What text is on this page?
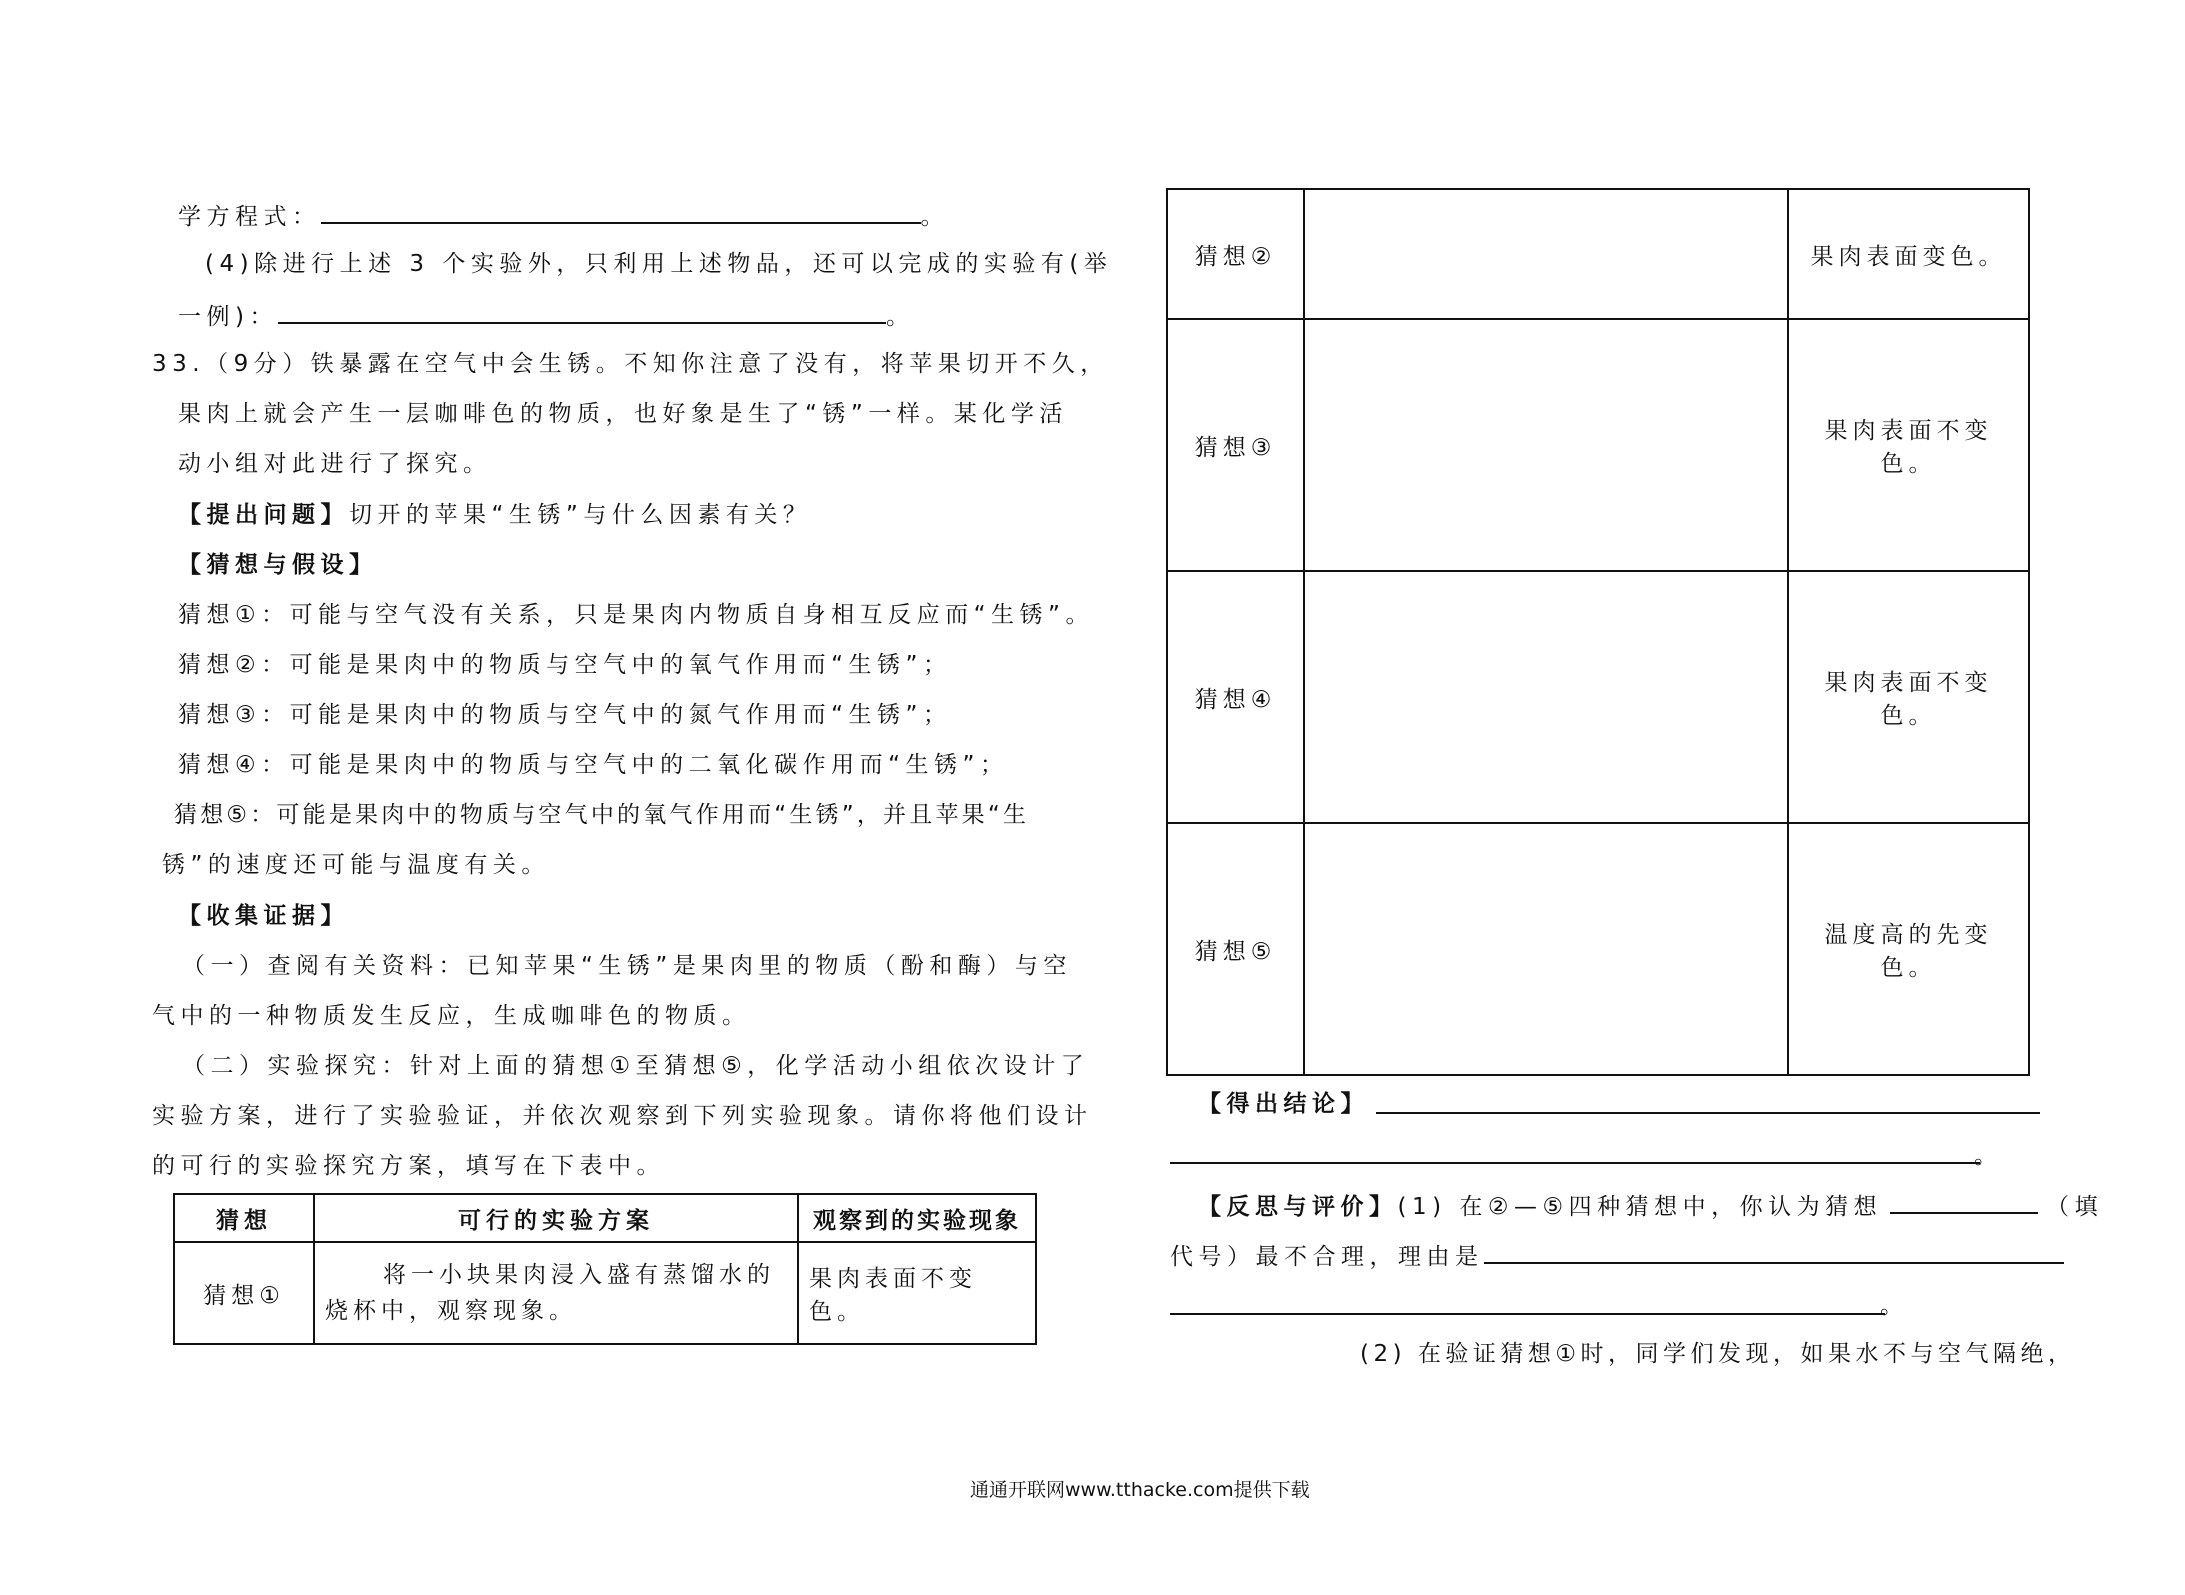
学方程式：	。
(4)除进行上述 3 个实验外，只利用上述物品，还可以完成的实验有(举
一例)：	。
33.（9分）铁暴露在空气中会生锈。不知你注意了没有，将苹果切开不久，
果肉上就会产生一层咖啡色的物质，也好象是生了“锈”一样。某化学活
动小组对此进行了探究。
【提出问题】切开的苹果“生锈”与什么因素有关？
【猜想与假设】
猜想①：可能与空气没有关系，只是果肉内物质自身相互反应而“生锈”。
猜想②：可能是果肉中的物质与空气中的氧气作用而“生锈”；
猜想③：可能是果肉中的物质与空气中的氮气作用而“生锈”；
猜想④：可能是果肉中的物质与空气中的二氧化碳作用而“生锈”；
猜想⑤：可能是果肉中的物质与空气中的氧气作用而“生锈”，并且苹果“生
锈”的速度还可能与温度有关。
【收集证据】
（一）查阅有关资料：已知苹果“生锈”是果肉里的物质（酚和酶）与空
气中的一种物质发生反应，生成咖啡色的物质。
（二）实验探究：针对上面的猜想①至猜想⑤，化学活动小组依次设计了
实验方案，进行了实验验证，并依次观察到下列实验现象。请你将他们设计
的可行的实验探究方案，填写在下表中。
猜想	可行的实验方案	观察到的实验现象
猜想①	将一小块果肉浸入盛有蒸馏水的
烧杯中，观察现象。	果肉表面不变色。
猜想②		果肉表面变色。
猜想③		果肉表面不变色。
猜想④		果肉表面不变色。
猜想⑤		温度高的先变色。
【得出结论】
。
【反思与评价】(1) 在②—⑤四种猜想中，你认为猜想	（填
代号）最不合理，理由是
。
(2) 在验证猜想①时，同学们发现，如果水不与空气隔绝，
通通开联网www.tthacke.com提供下载
